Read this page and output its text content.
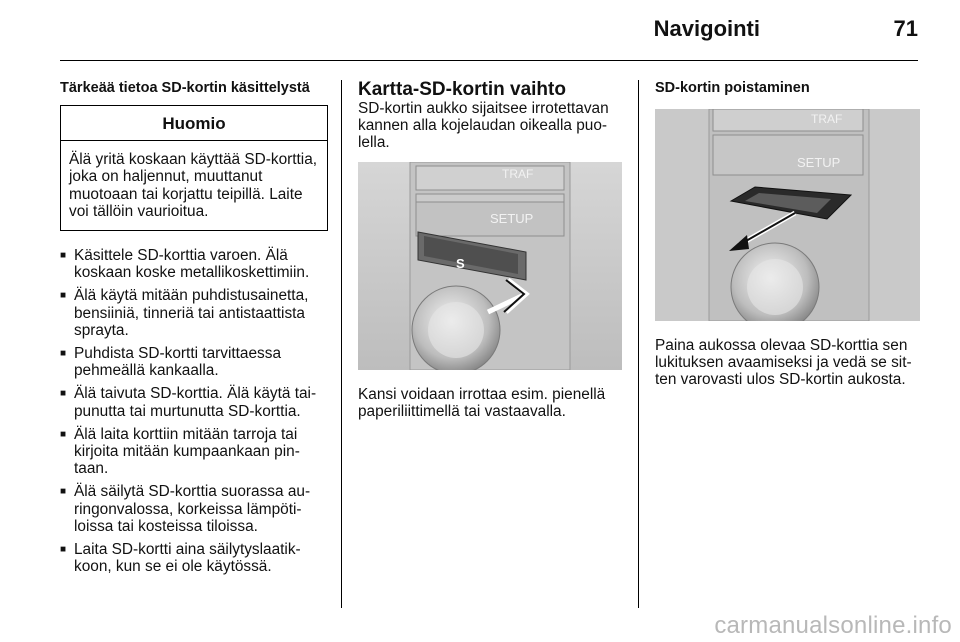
Navigointi	71
Tärkeää tietoa SD-kortin käsittelystä
Huomio
Älä yritä koskaan käyttää SD-korttia, joka on haljennut, muuttanut muotoaan tai korjattu teipillä. Laite voi tällöin vaurioitua.
■ Käsittele SD-korttia varoen. Älä koskaan koske metallikoskettimiin.
■ Älä käytä mitään puhdistusainetta, bensiiniä, tinneriä tai antistaattista sprayta.
■ Puhdista SD-kortti tarvittaessa pehmeällä kankaalla.
■ Älä taivuta SD-korttia. Älä käytä taipunutta tai murtunutta SD-korttia.
■ Älä laita korttiin mitään tarroja tai kirjoita mitään kumpaankaan pintaan.
■ Älä säilytä SD-korttia suorassa auringonvalossa, korkeissa lämpötiloissa tai kosteissa tiloissa.
■ Laita SD-kortti aina säilytyslaatikkoon, kun se ei ole käytössä.
Kartta-SD-kortin vaihto
SD-kortin aukko sijaitsee irrotettavan kannen alla kojelaudan oikealla puolella.
TRAF
SETUP
S
Kansi voidaan irrottaa esim. pienellä paperiliittimellä tai vastaavalla.
SD-kortin poistaminen
TRAF
SETUP
Paina aukossa olevaa SD-korttia sen lukituksen avaamiseksi ja vedä se sitten varovasti ulos SD-kortin aukosta.
carmanualsonline.info
